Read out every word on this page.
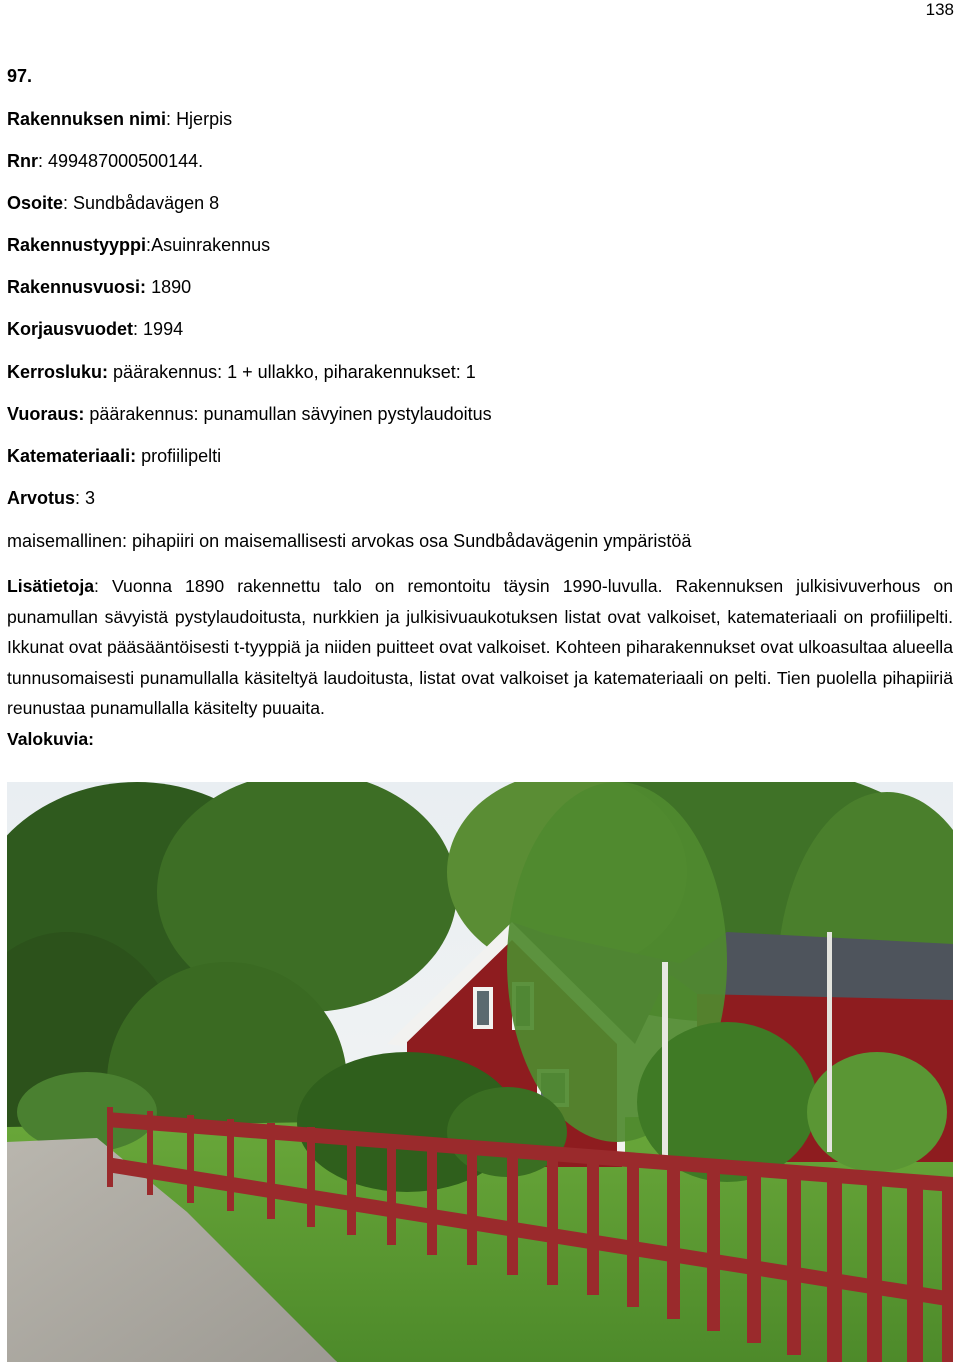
138
97.
Rakennuksen nimi: Hjerpis
Rnr: 499487000500144.
Osoite: Sundbådavägen 8
Rakennustyyppi:Asuinrakennus
Rakennusvuosi: 1890
Korjausvuodet: 1994
Kerrosluku: päärakennus: 1 + ullakko, piharakennukset: 1
Vuoraus: päärakennus: punamullan sävyinen pystylaudoitus
Katemateriaali: profiilipelti
Arvotus: 3
maisemallinen: pihapiiri on maisemallisesti arvokas osa Sundbådavägenin ympäristöä
Lisätietoja: Vuonna 1890 rakennettu talo on remontoitu täysin 1990-luvulla. Rakennuksen julkisivuverhous on punamullan sävyistä pystylaudoitusta, nurkkien ja julkisivuaukotuksen listat ovat valkoiset, katemateriaali on profiilipelti. Ikkunat ovat pääsääntöisesti t-tyyppiä ja niiden puitteet ovat valkoiset. Kohteen piharakennukset ovat ulkoasultaa alueella tunnusomaisesti punamullalla käsiteltyä laudoitusta, listat ovat valkoiset ja katemateriaali on pelti. Tien puolella pihapiiriä reunustaa punamullalla käsitelty puuaita.
Valokuvia:
